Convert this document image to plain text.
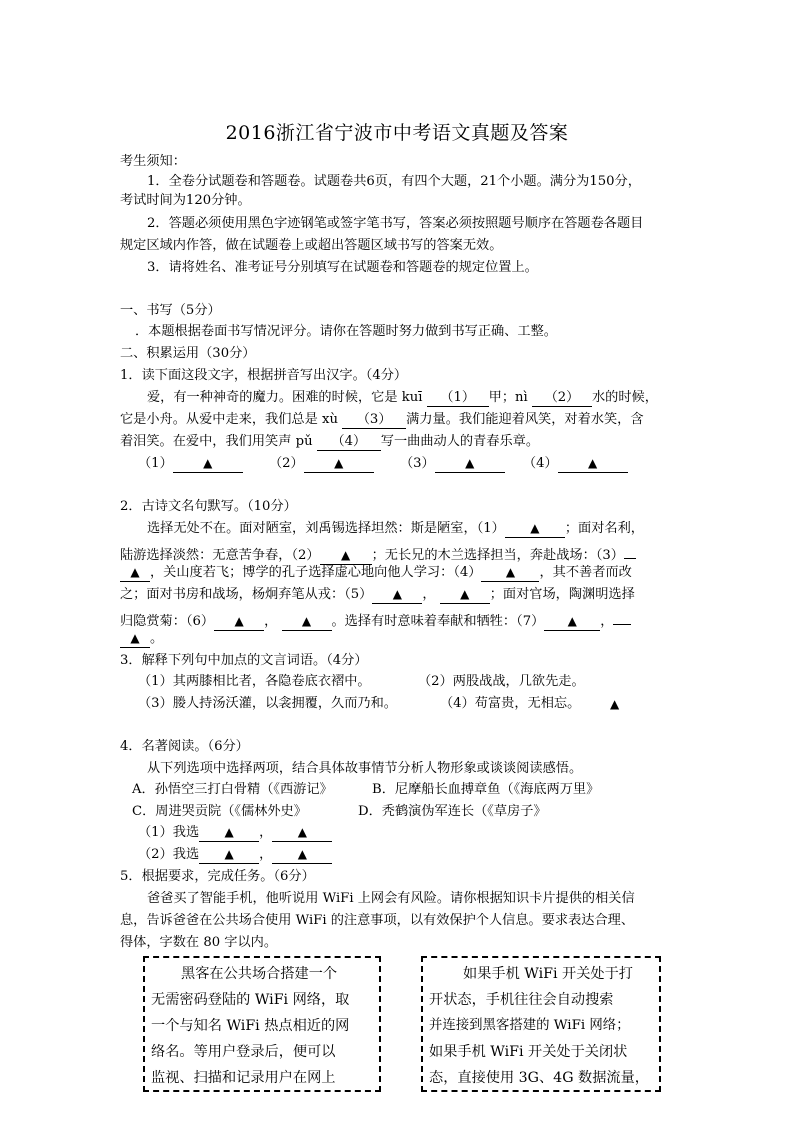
2016浙江省宁波市中考语文真题及答案
考生须知：
1．全卷分试题卷和答题卷。试题卷共6页，有四个大题，21个小题。满分为150分，
考试时间为120分钟。
2．答题必须使用黑色字迹钢笔或签字笔书写，答案必须按照题号顺序在答题卷各题目
规定区域内作答，做在试题卷上或超出答题区域书写的答案无效。
3．请将姓名、准考证号分别填写在试题卷和答题卷的规定位置上。
一、书写（5分）
．本题根据卷面书写情况评分。请你在答题时努力做到书写正确、工整。
二、积累运用（30分）
1．读下面这段文字，根据拼音写出汉字。（4分）
爱，有一种神奇的魔力。困难的时候，它是 kuī （1） 甲；nì （2） 水的时候，
它是小舟。从爱中走来，我们总是 xù （3） 满力量。我们能迎着风笑，对着水笑，含
着泪笑。在爱中，我们用笑声 pǔ （4） 写一曲曲动人的青春乐章。
（1）	▲	（2）	▲	（3）	▲	（4）	▲
2．古诗文名句默写。（10分）
选择无处不在。面对陋室，刘禹锡选择坦然：斯是陋室，（1） ▲ ；面对名利，
陆游选择淡然：无意苦争春，（2） ▲ ；无长兄的木兰选择担当，奔赴战场：（3）
▲ ，关山度若飞；博学的孔子选择虚心地向他人学习：（4） ▲ ，其不善者而改
之；面对书房和战场，杨炯弃笔从戎：（5） ▲ ， ▲ ；面对官场，陶渊明选择
归隐赏菊：（6） ▲ ， ▲ 。选择有时意味着奉献和牺牲：（7） ▲ ，
▲ 。
3．解释下列句中加点的文言词语。（4分）
（1）其两膝相比者，各隐卷底衣褶中。	（2）两股战战，几欲先走。
（3）媵人持汤沃灌，以衾拥覆，久而乃和。	（4）苟富贵，无相忘。 ▲
4．名著阅读。（6分）
从下列选项中选择两项，结合具体故事情节分析人物形象或谈谈阅读感悟。
A．孙悟空三打白骨精（《西游记》	B．尼摩船长血搏章鱼（《海底两万里》
C．周进哭贡院（《儒林外史》	D．秃鹤演伪军连长（《草房子》
（1）我选 ▲ ， ▲
（2）我选 ▲ ， ▲
5．根据要求，完成任务。（6分）
爸爸买了智能手机，他听说用 WiFi 上网会有风险。请你根据知识卡片提供的相关信
息，告诉爸爸在公共场合使用 WiFi 的注意事项，以有效保护个人信息。要求表达合理、
得体，字数在 80 字以内。
黑客在公共场合搭建一个
无需密码登陆的 WiFi 网络，取
一个与知名 WiFi 热点相近的网
络名。等用户登录后，便可以
监视、扫描和记录用户在网上
如果手机 WiFi 开关处于打
开状态，手机往往会自动搜索
并连接到黑客搭建的 WiFi 网络；
如果手机 WiFi 开关处于关闭状
态，直接使用 3G、4G 数据流量，
